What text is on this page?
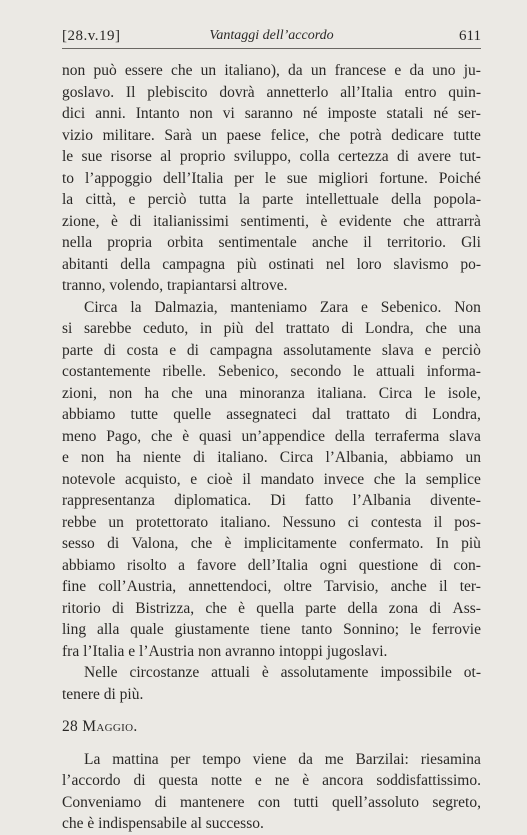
[28.v.19]	Vantaggi dell’accordo	611
non può essere che un italiano), da un francese e da uno ju-
goslavo. Il plebiscito dovrà annetterlo all’Italia entro quin-
dici anni. Intanto non vi saranno né imposte statali né ser-
vizio militare. Sarà un paese felice, che potrà dedicare tutte
le sue risorse al proprio sviluppo, colla certezza di avere tut-
to l’appoggio dell’Italia per le sue migliori fortune. Poiché
la città, e perciò tutta la parte intellettuale della popola-
zione, è di italianissimi sentimenti, è evidente che attrarrà
nella propria orbita sentimentale anche il territorio. Gli
abitanti della campagna più ostinati nel loro slavismo po-
tranno, volendo, trapiantarsi altrove.
Circa la Dalmazia, manteniamo Zara e Sebenico. Non
si sarebbe ceduto, in più del trattato di Londra, che una
parte di costa e di campagna assolutamente slava e perciò
costantemente ribelle. Sebenico, secondo le attuali informa-
zioni, non ha che una minoranza italiana. Circa le isole,
abbiamo tutte quelle assegnateci dal trattato di Londra,
meno Pago, che è quasi un’appendice della terraferma slava
e non ha niente di italiano. Circa l’Albania, abbiamo un
notevole acquisto, e cioè il mandato invece che la semplice
rappresentanza diplomatica. Di fatto l’Albania divente-
rebbe un protettorato italiano. Nessuno ci contesta il pos-
sesso di Valona, che è implicitamente confermato. In più
abbiamo risolto a favore dell’Italia ogni questione di con-
fine coll’Austria, annettendoci, oltre Tarvisio, anche il ter-
ritorio di Bistrizza, che è quella parte della zona di Ass-
ling alla quale giustamente tiene tanto Sonnino; le ferrovie
fra l’Italia e l’Austria non avranno intoppi jugoslavi.
Nelle circostanze attuali è assolutamente impossibile ot-
tenere di più.
28
Maggio.
La mattina per tempo viene da me Barzilai: riesamina
l’accordo di questa notte e ne è ancora soddisfattissimo.
Conveniamo di mantenere con tutti quell’assoluto segreto,
che è indispensabile al successo.
